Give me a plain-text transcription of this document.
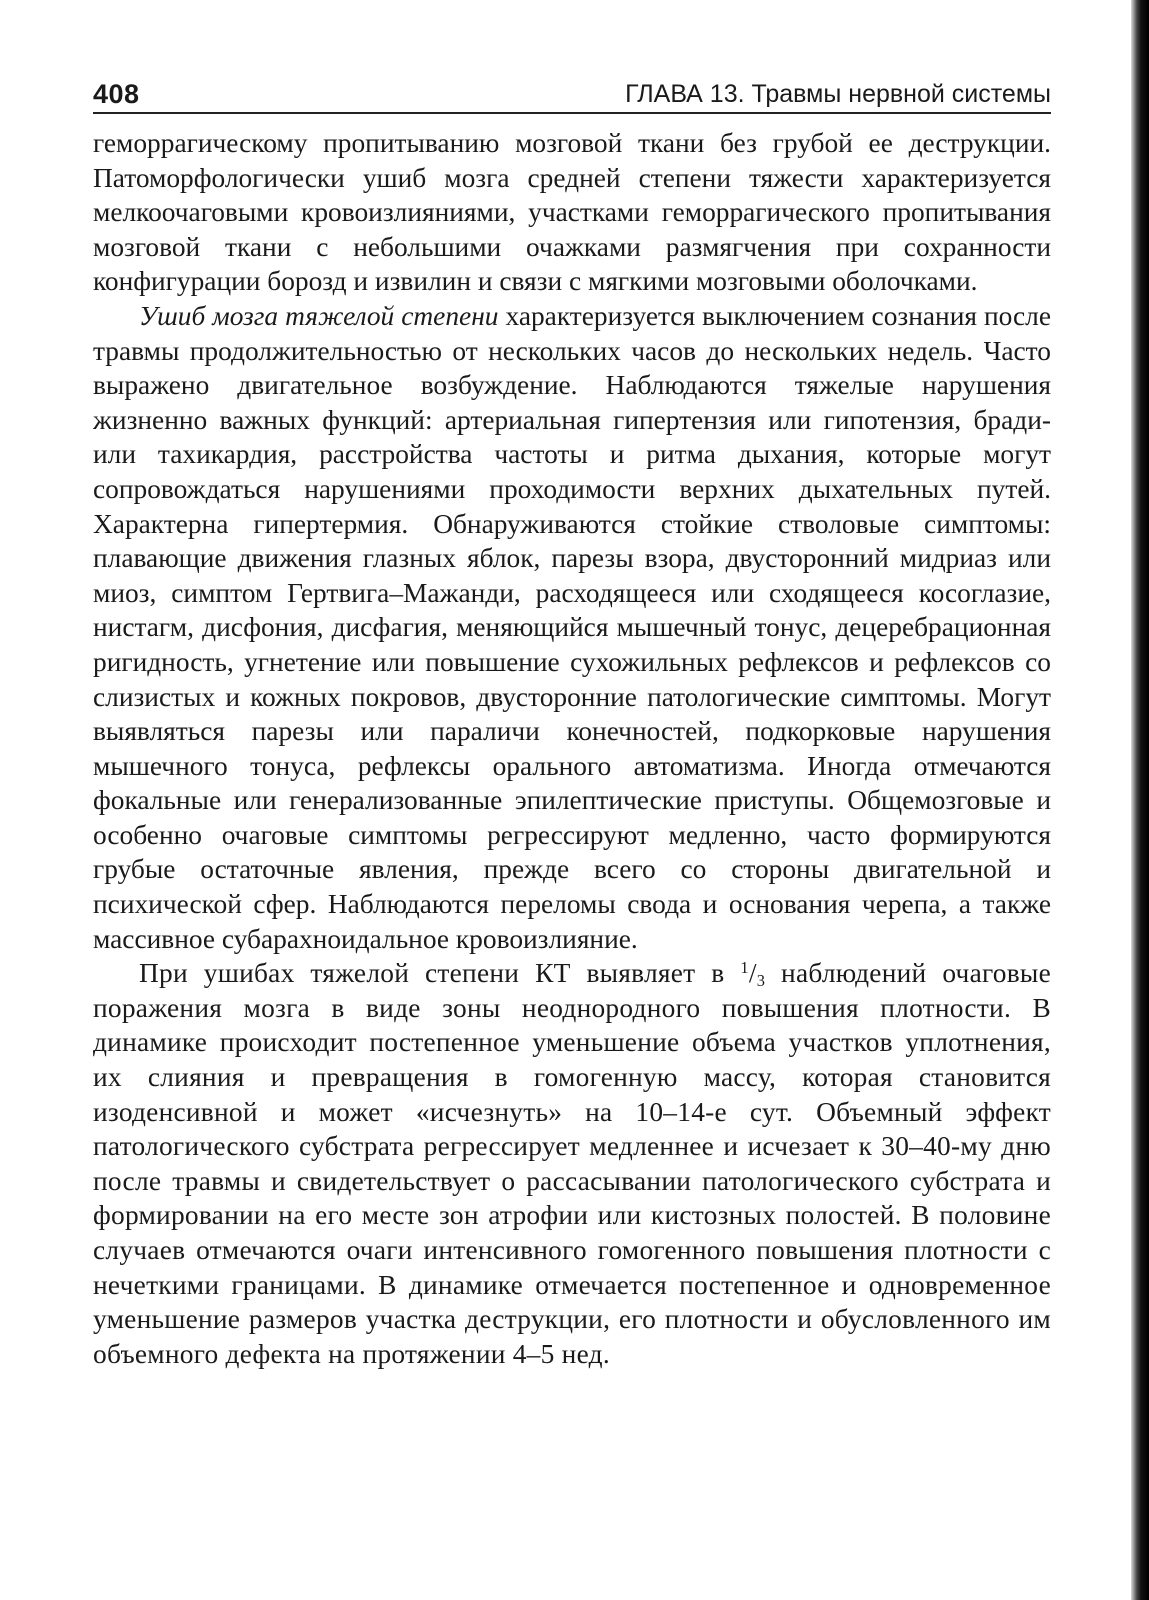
408	ГЛАВА 13. Травмы нервной системы

геморрагическому пропитыванию мозговой ткани без грубой ее деструкции. Патоморфологически ушиб мозга средней степени тяжести характеризуется мелкоочаговыми кровоизлияниями, участками геморрагического пропитывания мозговой ткани с небольшими очажками размягчения при сохранности конфигурации борозд и извилин и связи с мягкими мозговыми оболочками.

Ушиб мозга тяжелой степени характеризуется выключением сознания после травмы продолжительностью от нескольких часов до нескольких недель. Часто выражено двигательное возбуждение. Наблюдаются тяжелые нарушения жизненно важных функций: артериальная гипертензия или гипотензия, бради- или тахикардия, расстройства частоты и ритма дыхания, которые могут сопровождаться нарушениями проходимости верхних дыхательных путей. Характерна гипертермия. Обнаруживаются стойкие стволовые симптомы: плавающие движения глазных яблок, парезы взора, двусторонний мидриаз или миоз, симптом Гертвига–Мажанди, расходящееся или сходящееся косоглазие, нистагм, дисфония, дисфагия, меняющийся мышечный тонус, децеребрационная ригидность, угнетение или повышение сухожильных рефлексов и рефлексов со слизистых и кожных покровов, двусторонние патологические симптомы. Могут выявляться парезы или параличи конечностей, подкорковые нарушения мышечного тонуса, рефлексы орального автоматизма. Иногда отмечаются фокальные или генерализованные эпилептические приступы. Общемозговые и особенно очаговые симптомы регрессируют медленно, часто формируются грубые остаточные явления, прежде всего со стороны двигательной и психической сфер. Наблюдаются переломы свода и основания черепа, а также массивное субарахноидальное кровоизлияние.

При ушибах тяжелой степени КТ выявляет в $^1/_3$ наблюдений очаговые поражения мозга в виде зоны неоднородного повышения плотности. В динамике происходит постепенное уменьшение объема участков уплотнения, их слияния и превращения в гомогенную массу, которая становится изоденсивной и может «исчезнуть» на 10–14-е сут. Объемный эффект патологического субстрата регрессирует медленнее и исчезает к 30–40-му дню после травмы и свидетельствует о рассасывании патологического субстрата и формировании на его месте зон атрофии или кистозных полостей. В половине случаев отмечаются очаги интенсивного гомогенного повышения плотности с нечеткими границами. В динамике отмечается постепенное и одновременное уменьшение размеров участка деструкции, его плотности и обусловленного им объемного дефекта на протяжении 4–5 нед.
